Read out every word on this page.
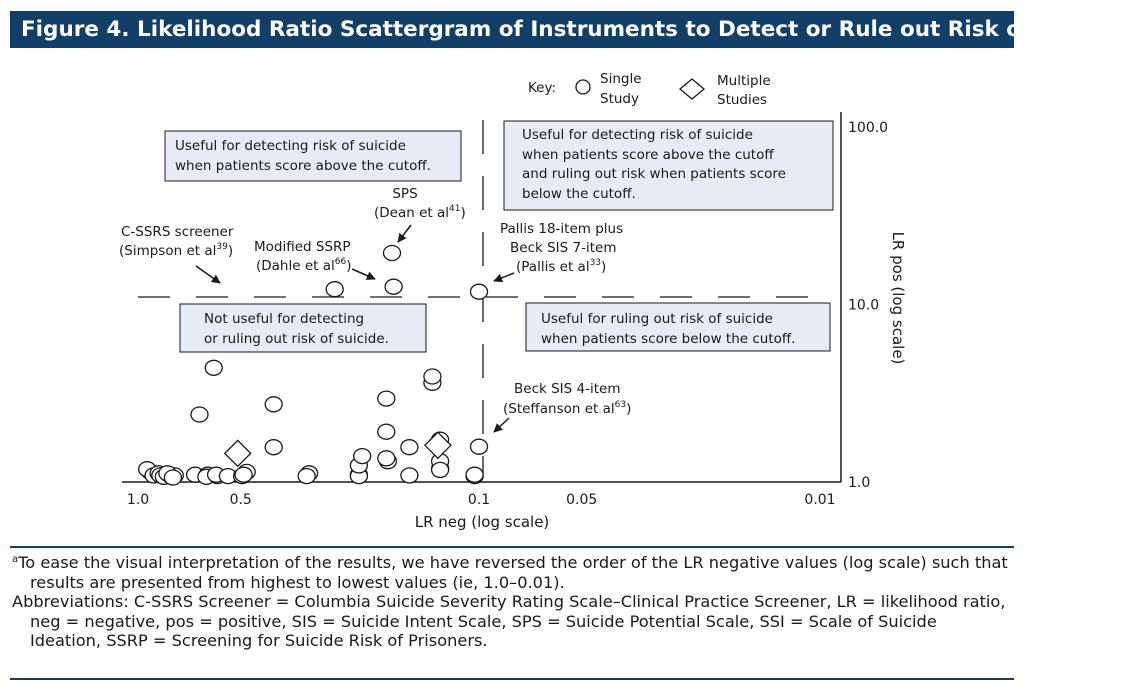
Figure 4. Likelihood Ratio Scattergram of Instruments to Detect or Rule out Risk of Suicide$^a$
Key:
Single
Study
Multiple
Studies
Useful for detecting risk of suicide
when patients score above the cutoff.
Useful for detecting risk of suicide
when patients score above the cutoff
and ruling out risk when patients score
below the cutoff.
Not useful for detecting
or ruling out risk of suicide.
Useful for ruling out risk of suicide
when patients score below the cutoff.
C-SSRS screener
(Simpson et $al^{39}$) Modified SSRP
(Dahle et $al^{66}$)
SPS
(Dean et $al^{41}$)
Pallis 18-item plus
Beck SIS 7-item
(Pallis et $al^{33}$)
Beck SIS 4-item
(Steffanson et $al^{63}$)
1.0	0.5	0.1	0.05	0.01
1.0
10.0
100.0
LR neg (log scale)
LR pos (log scale)

$^a$To ease the visual interpretation of the results, we have reversed the order of the LR negative values (log scale) such that results are presented from highest to lowest values (ie, 1.0–0.01).

Abbreviations: C-SSRS Screener = Columbia Suicide Severity Rating Scale–Clinical Practice Screener, LR = likelihood ratio, neg = negative, pos = positive, SIS = Suicide Intent Scale, SPS = Suicide Potential Scale, SSI = Scale of Suicide Ideation, SSRP = Screening for Suicide Risk of Prisoners.
